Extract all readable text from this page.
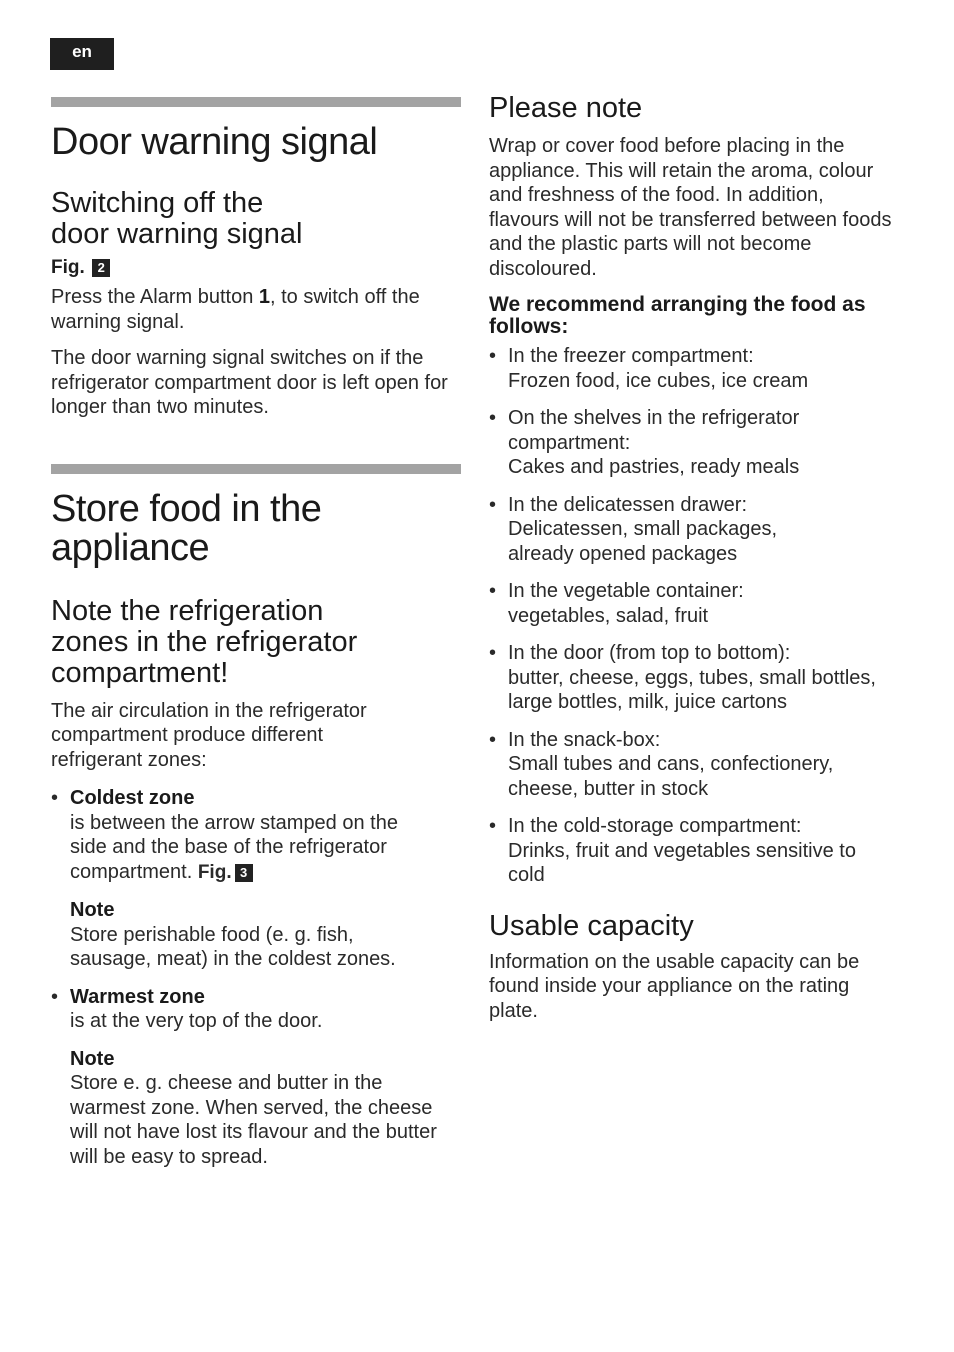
en
Door warning signal
Switching off the
door warning signal
Fig. 2

Press the Alarm button 1, to switch off the warning signal.

The door warning signal switches on if the refrigerator compartment door is left open for longer than two minutes.

Store food in the
appliance
Note the refrigeration
zones in the refrigerator
compartment!

The air circulation in the refrigerator compartment produce different refrigerant zones:

• Coldest zone
is between the arrow stamped on the side and the base of the refrigerator compartment. Fig. 3
Note

Store perishable food (e. g. fish, sausage, meat) in the coldest zones.

• Warmest zone
is at the very top of the door.
Note

Store e. g. cheese and butter in the warmest zone. When served, the cheese will not have lost its flavour and the butter will be easy to spread.

Please note

Wrap or cover food before placing in the appliance. This will retain the aroma, colour and freshness of the food. In addition, flavours will not be transferred between foods and the plastic parts will not become discoloured.

We recommend arranging the food as follows:
• In the freezer compartment:
Frozen food, ice cubes, ice cream
• On the shelves in the refrigerator compartment:
Cakes and pastries, ready meals
• In the delicatessen drawer:
Delicatessen, small packages, already opened packages
• In the vegetable container:
vegetables, salad, fruit
• In the door (from top to bottom):
butter, cheese, eggs, tubes, small bottles, large bottles, milk, juice cartons
• In the snack-box:
Small tubes and cans, confectionery, cheese, butter in stock
• In the cold-storage compartment:
Drinks, fruit and vegetables sensitive to cold
Usable capacity

Information on the usable capacity can be found inside your appliance on the rating plate.
